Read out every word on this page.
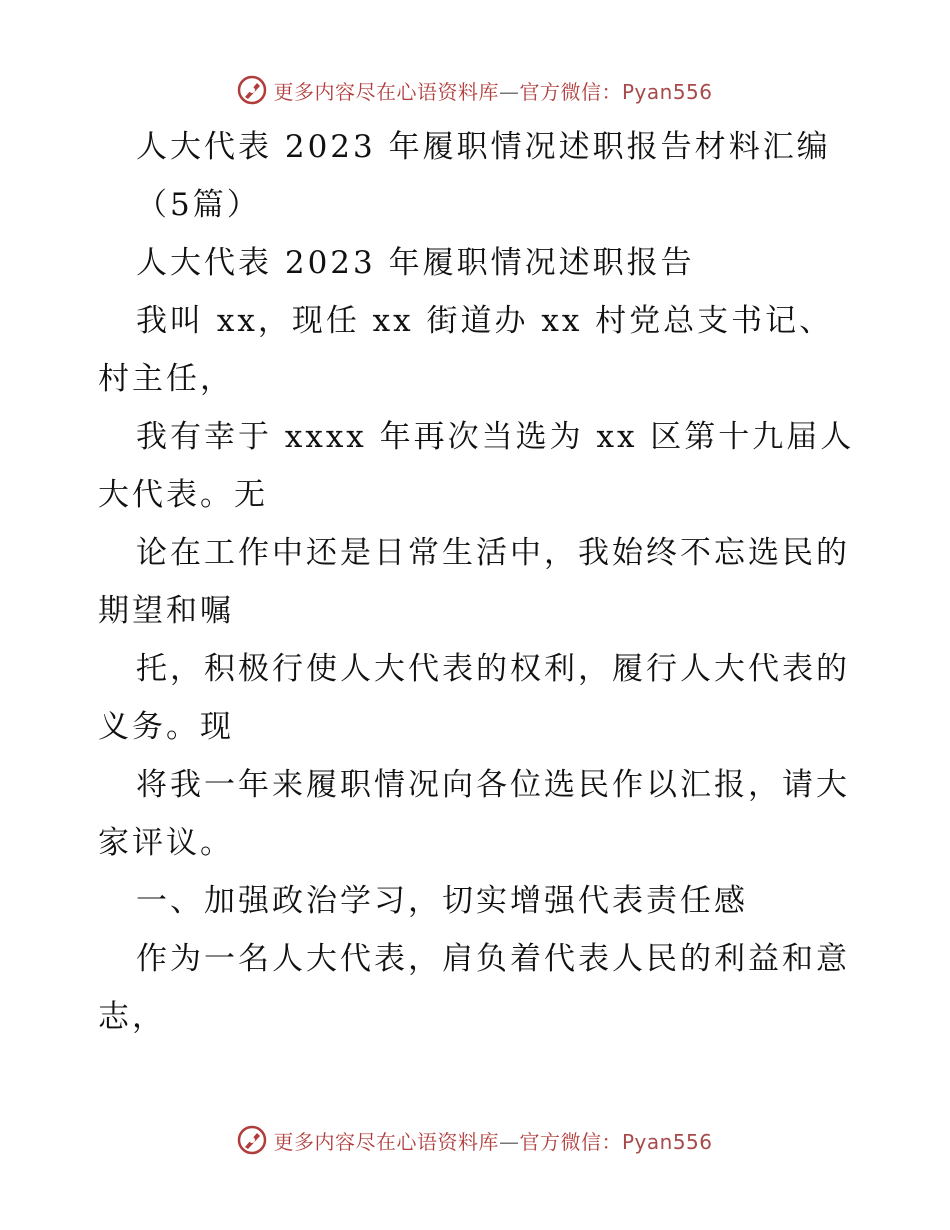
更多内容尽在心语资料库—官方微信：Pyan556
人大代表 2023 年履职情况述职报告材料汇编
（5篇）
人大代表 2023 年履职情况述职报告
我叫 xx，现任 xx 街道办 xx 村党总支书记、
村主任，
我有幸于 xxxx 年再次当选为 xx 区第十九届人
大代表。无
论在工作中还是日常生活中，我始终不忘选民的
期望和嘱
托，积极行使人大代表的权利，履行人大代表的
义务。现
将我一年来履职情况向各位选民作以汇报，请大
家评议。
一、加强政治学习，切实增强代表责任感
作为一名人大代表，肩负着代表人民的利益和意
志，
更多内容尽在心语资料库—官方微信：Pyan556
